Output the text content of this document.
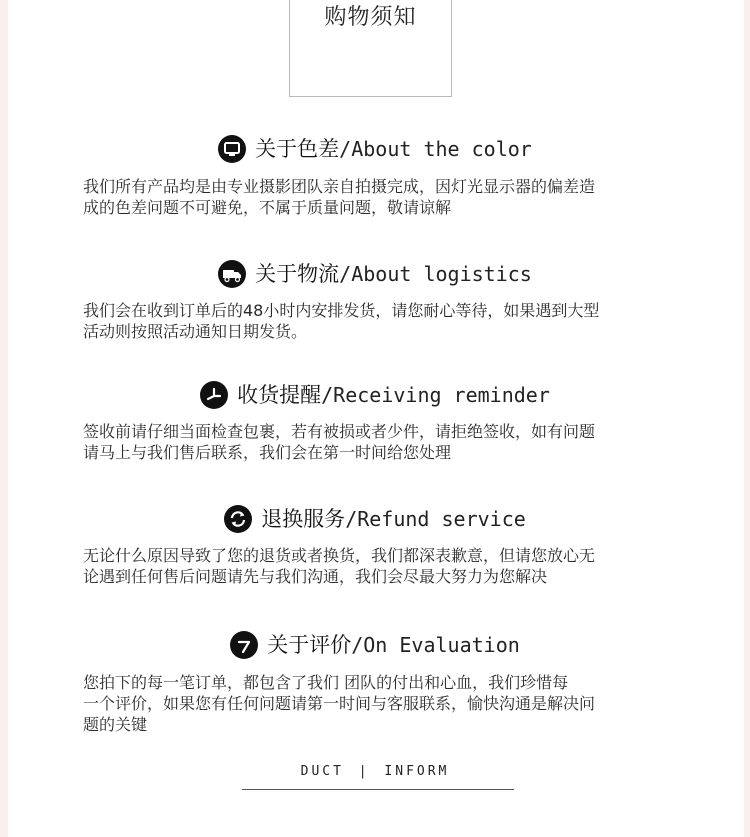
购物须知
关于色差 /About the color
我们所有产品均是由专业摄影团队亲自拍摄完成，因灯光显示器的偏差造
成的色差问题不可避免，不属于质量问题，敬请谅解
关于物流 /About logistics
我们会在收到订单后的48小时内安排发货，请您耐心等待，如果遇到大型
活动则按照活动通知日期发货。
收货提醒 /Receiving reminder
签收前请仔细当面检查包裹，若有被损或者少件，请拒绝签收，如有问题
请马上与我们售后联系，我们会在第一时间给您处理
退换服务 /Refund service
无论什么原因导致了您的退货或者换货，我们都深表歉意，但请您放心无
论遇到任何售后问题请先与我们沟通，我们会尽最大努力为您解决
关于评价 /On Evaluation
您拍下的每一笔订单，都包含了我们 团队的付出和心血，我们珍惜每
一个评价，如果您有任何问题请第一时间与客服联系，愉快沟通是解决问
题的关键
DUCT | INFORM
